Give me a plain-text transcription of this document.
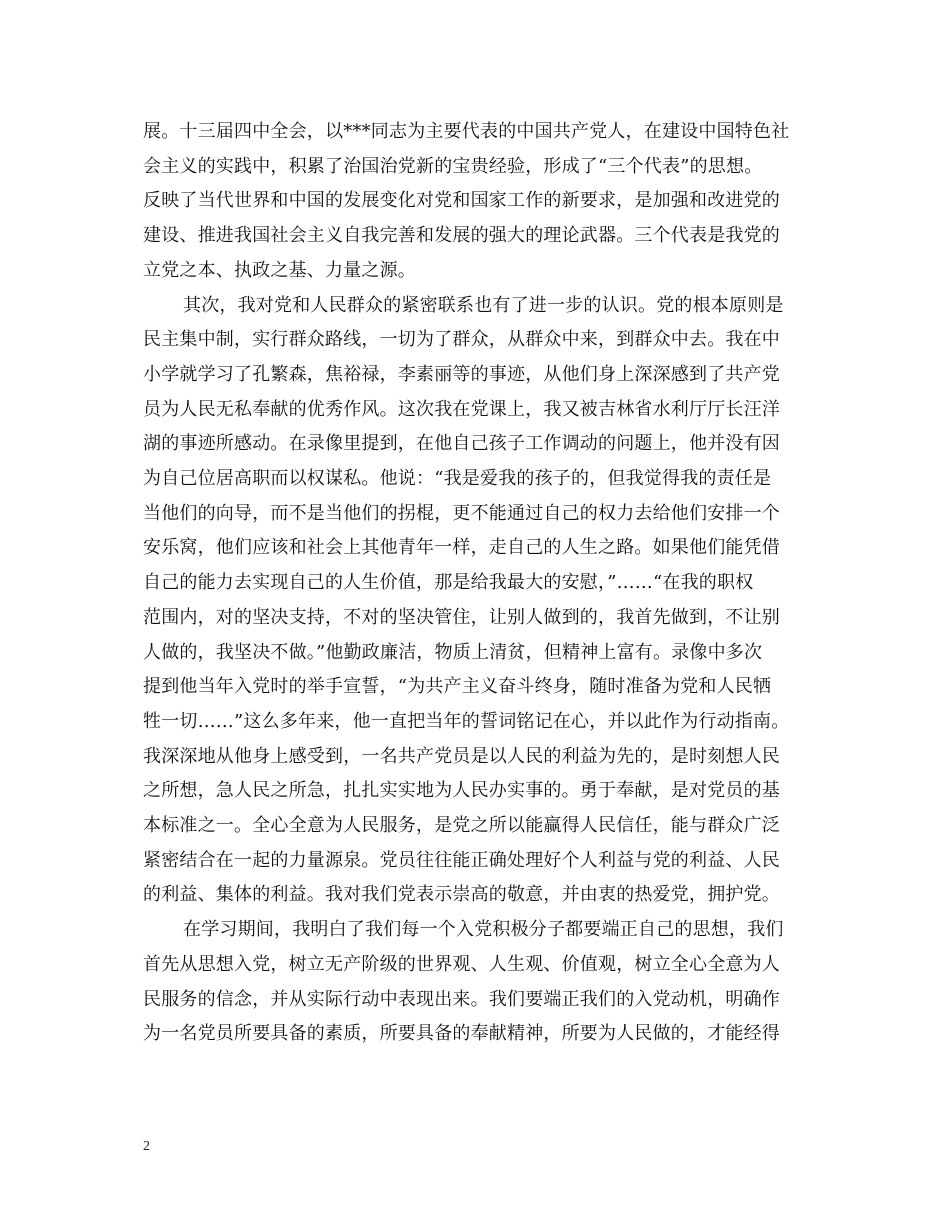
展。十三届四中全会，以***同志为主要代表的中国共产党人，在建设中国特色社
会主义的实践中，积累了治国治党新的宝贵经验，形成了“三个代表”的思想。
反映了当代世界和中国的发展变化对党和国家工作的新要求，是加强和改进党的
建设、推进我国社会主义自我完善和发展的强大的理论武器。三个代表是我党的
立党之本、执政之基、力量之源。
其次，我对党和人民群众的紧密联系也有了进一步的认识。党的根本原则是
民主集中制，实行群众路线，一切为了群众，从群众中来，到群众中去。我在中
小学就学习了孔繁森，焦裕禄，李素丽等的事迹，从他们身上深深感到了共产党
员为人民无私奉献的优秀作风。这次我在党课上，我又被吉林省水利厅厅长汪洋
湖的事迹所感动。在录像里提到，在他自己孩子工作调动的问题上，他并没有因
为自己位居高职而以权谋私。他说：“我是爱我的孩子的，但我觉得我的责任是
当他们的向导，而不是当他们的拐棍，更不能通过自己的权力去给他们安排一个
安乐窝，他们应该和社会上其他青年一样，走自己的人生之路。如果他们能凭借
自己的能力去实现自己的人生价值，那是给我最大的安慰，”……“在我的职权
范围内，对的坚决支持，不对的坚决管住，让别人做到的，我首先做到，不让别
人做的，我坚决不做。”他勤政廉洁，物质上清贫，但精神上富有。录像中多次
提到他当年入党时的举手宣誓，“为共产主义奋斗终身，随时准备为党和人民牺
牲一切……”这么多年来，他一直把当年的誓词铭记在心，并以此作为行动指南。
我深深地从他身上感受到，一名共产党员是以人民的利益为先的，是时刻想人民
之所想，急人民之所急，扎扎实实地为人民办实事的。勇于奉献，是对党员的基
本标准之一。全心全意为人民服务，是党之所以能赢得人民信任，能与群众广泛
紧密结合在一起的力量源泉。党员往往能正确处理好个人利益与党的利益、人民
的利益、集体的利益。我对我们党表示崇高的敬意，并由衷的热爱党，拥护党。
在学习期间，我明白了我们每一个入党积极分子都要端正自己的思想，我们
首先从思想入党，树立无产阶级的世界观、人生观、价值观，树立全心全意为人
民服务的信念，并从实际行动中表现出来。我们要端正我们的入党动机，明确作
为一名党员所要具备的素质，所要具备的奉献精神，所要为人民做的，才能经得
2
